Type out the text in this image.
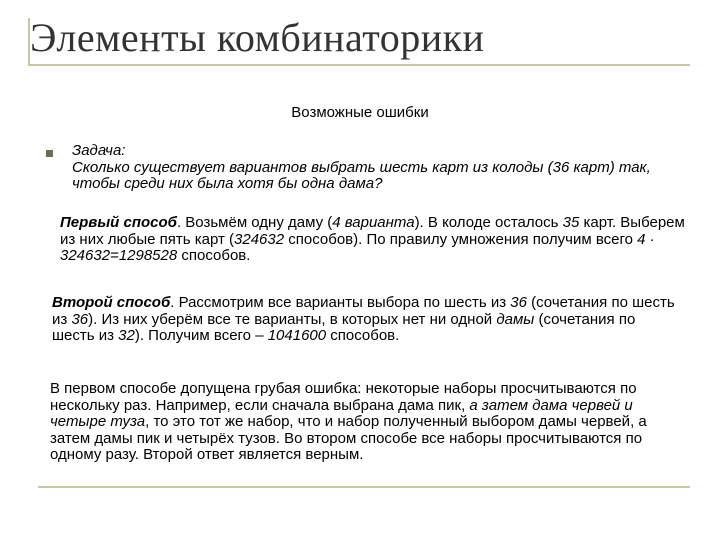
Элементы комбинаторики
Возможные ошибки
Задача:
Сколько существует вариантов выбрать шесть карт из колоды (36 карт) так, чтобы среди них была хотя бы одна дама?
Первый способ. Возьмём одну даму (4 варианта). В колоде осталось 35 карт. Выберем из них любые пять карт (324632 способов). По правилу умножения получим всего 4 · 324632=1298528 способов.
Второй способ. Рассмотрим все варианты выбора по шесть из 36 (сочетания по шесть из 36). Из них уберём все те варианты, в которых нет ни одной дамы (сочетания по шесть из 32). Получим всего – 1041600 способов.
В первом способе допущена грубая ошибка: некоторые наборы просчитываются по нескольку раз. Например, если сначала выбрана дама пик, а затем дама червей и четыре туза, то это тот же набор, что и набор полученный выбором дамы червей, а затем дамы пик и четырёх тузов. Во втором способе все наборы просчитываются по одному разу. Второй ответ является верным.
